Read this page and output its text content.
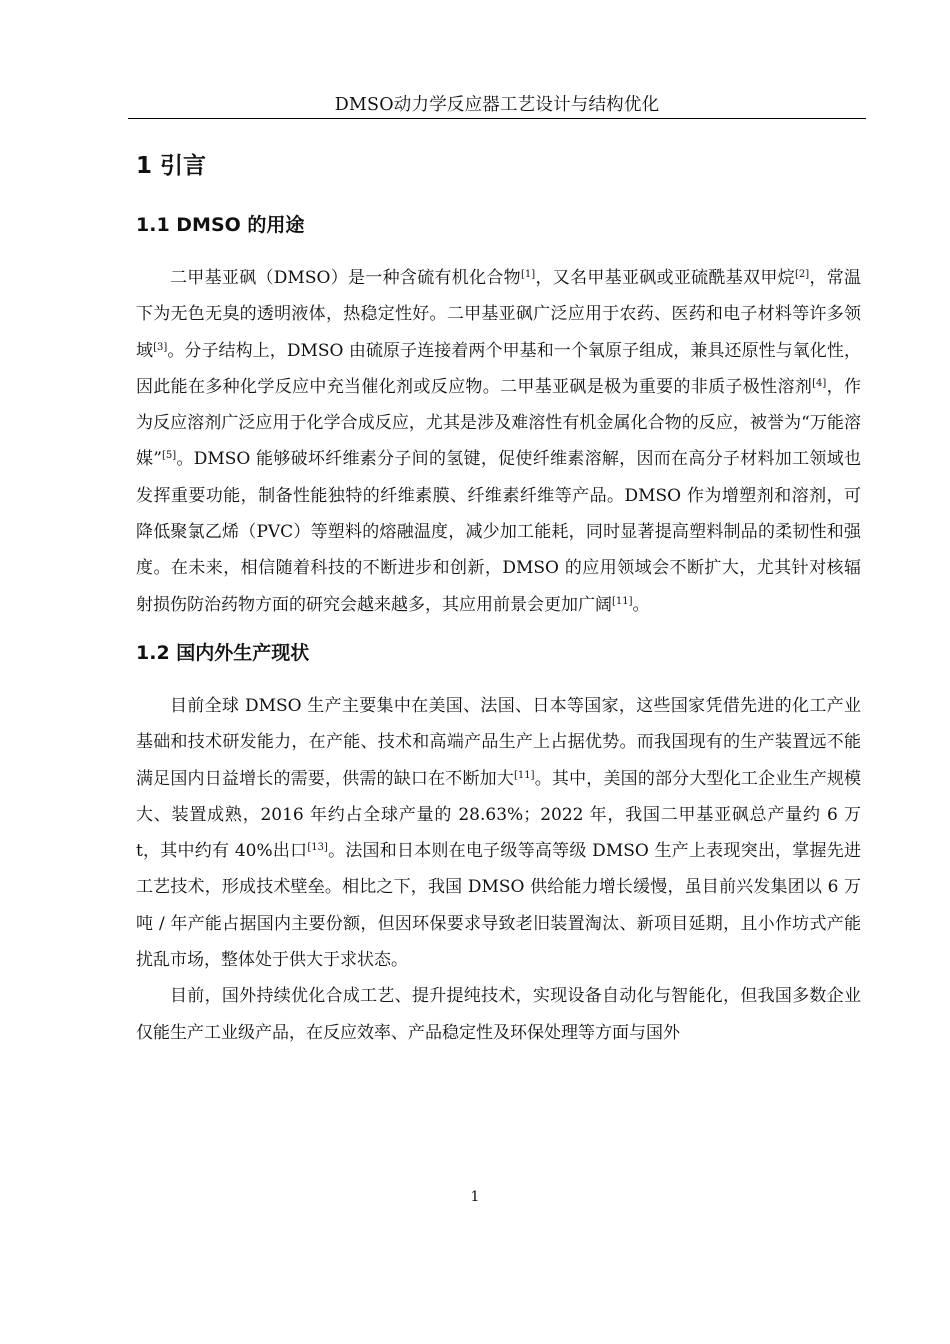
DMSO动力学反应器工艺设计与结构优化
1 引言
1.1 DMSO 的用途

二甲基亚砜（DMSO）是一种含硫有机化合物[1]，又名甲基亚砜或亚硫酰基双甲烷[2]，常温下为无色无臭的透明液体，热稳定性好。二甲基亚砜广泛应用于农药、医药和电子材料等许多领域[3]。分子结构上，DMSO 由硫原子连接着两个甲基和一个氧原子组成，兼具还原性与氧化性，因此能在多种化学反应中充当催化剂或反应物。二甲基亚砜是极为重要的非质子极性溶剂[4]，作为反应溶剂广泛应用于化学合成反应，尤其是涉及难溶性有机金属化合物的反应，被誉为“万能溶媒”[5]。DMSO 能够破坏纤维素分子间的氢键，促使纤维素溶解，因而在高分子材料加工领域也发挥重要功能，制备性能独特的纤维素膜、纤维素纤维等产品。DMSO 作为增塑剂和溶剂，可降低聚氯乙烯（PVC）等塑料的熔融温度，减少加工能耗，同时显著提高塑料制品的柔韧性和强度。在未来，相信随着科技的不断进步和创新，DMSO 的应用领域会不断扩大，尤其针对核辐射损伤防治药物方面的研究会越来越多，其应用前景会更加广阔[11]。

1.2 国内外生产现状

目前全球 DMSO 生产主要集中在美国、法国、日本等国家，这些国家凭借先进的化工产业基础和技术研发能力，在产能、技术和高端产品生产上占据优势。而我国现有的生产装置远不能满足国内日益增长的需要，供需的缺口在不断加大[11]。其中，美国的部分大型化工企业生产规模大、装置成熟，2016 年约占全球产量的 28.63%；2022 年，我国二甲基亚砜总产量约 6 万 t，其中约有 40%出口[13]。法国和日本则在电子级等高等级 DMSO 生产上表现突出，掌握先进工艺技术，形成技术壁垒。相比之下，我国 DMSO 供给能力增长缓慢，虽目前兴发集团以 6 万吨 / 年产能占据国内主要份额，但因环保要求导致老旧装置淘汰、新项目延期，且小作坊式产能扰乱市场，整体处于供大于求状态。

目前，国外持续优化合成工艺、提升提纯技术，实现设备自动化与智能化，但我国多数企业仅能生产工业级产品，在反应效率、产品稳定性及环保处理等方面与国外

1
